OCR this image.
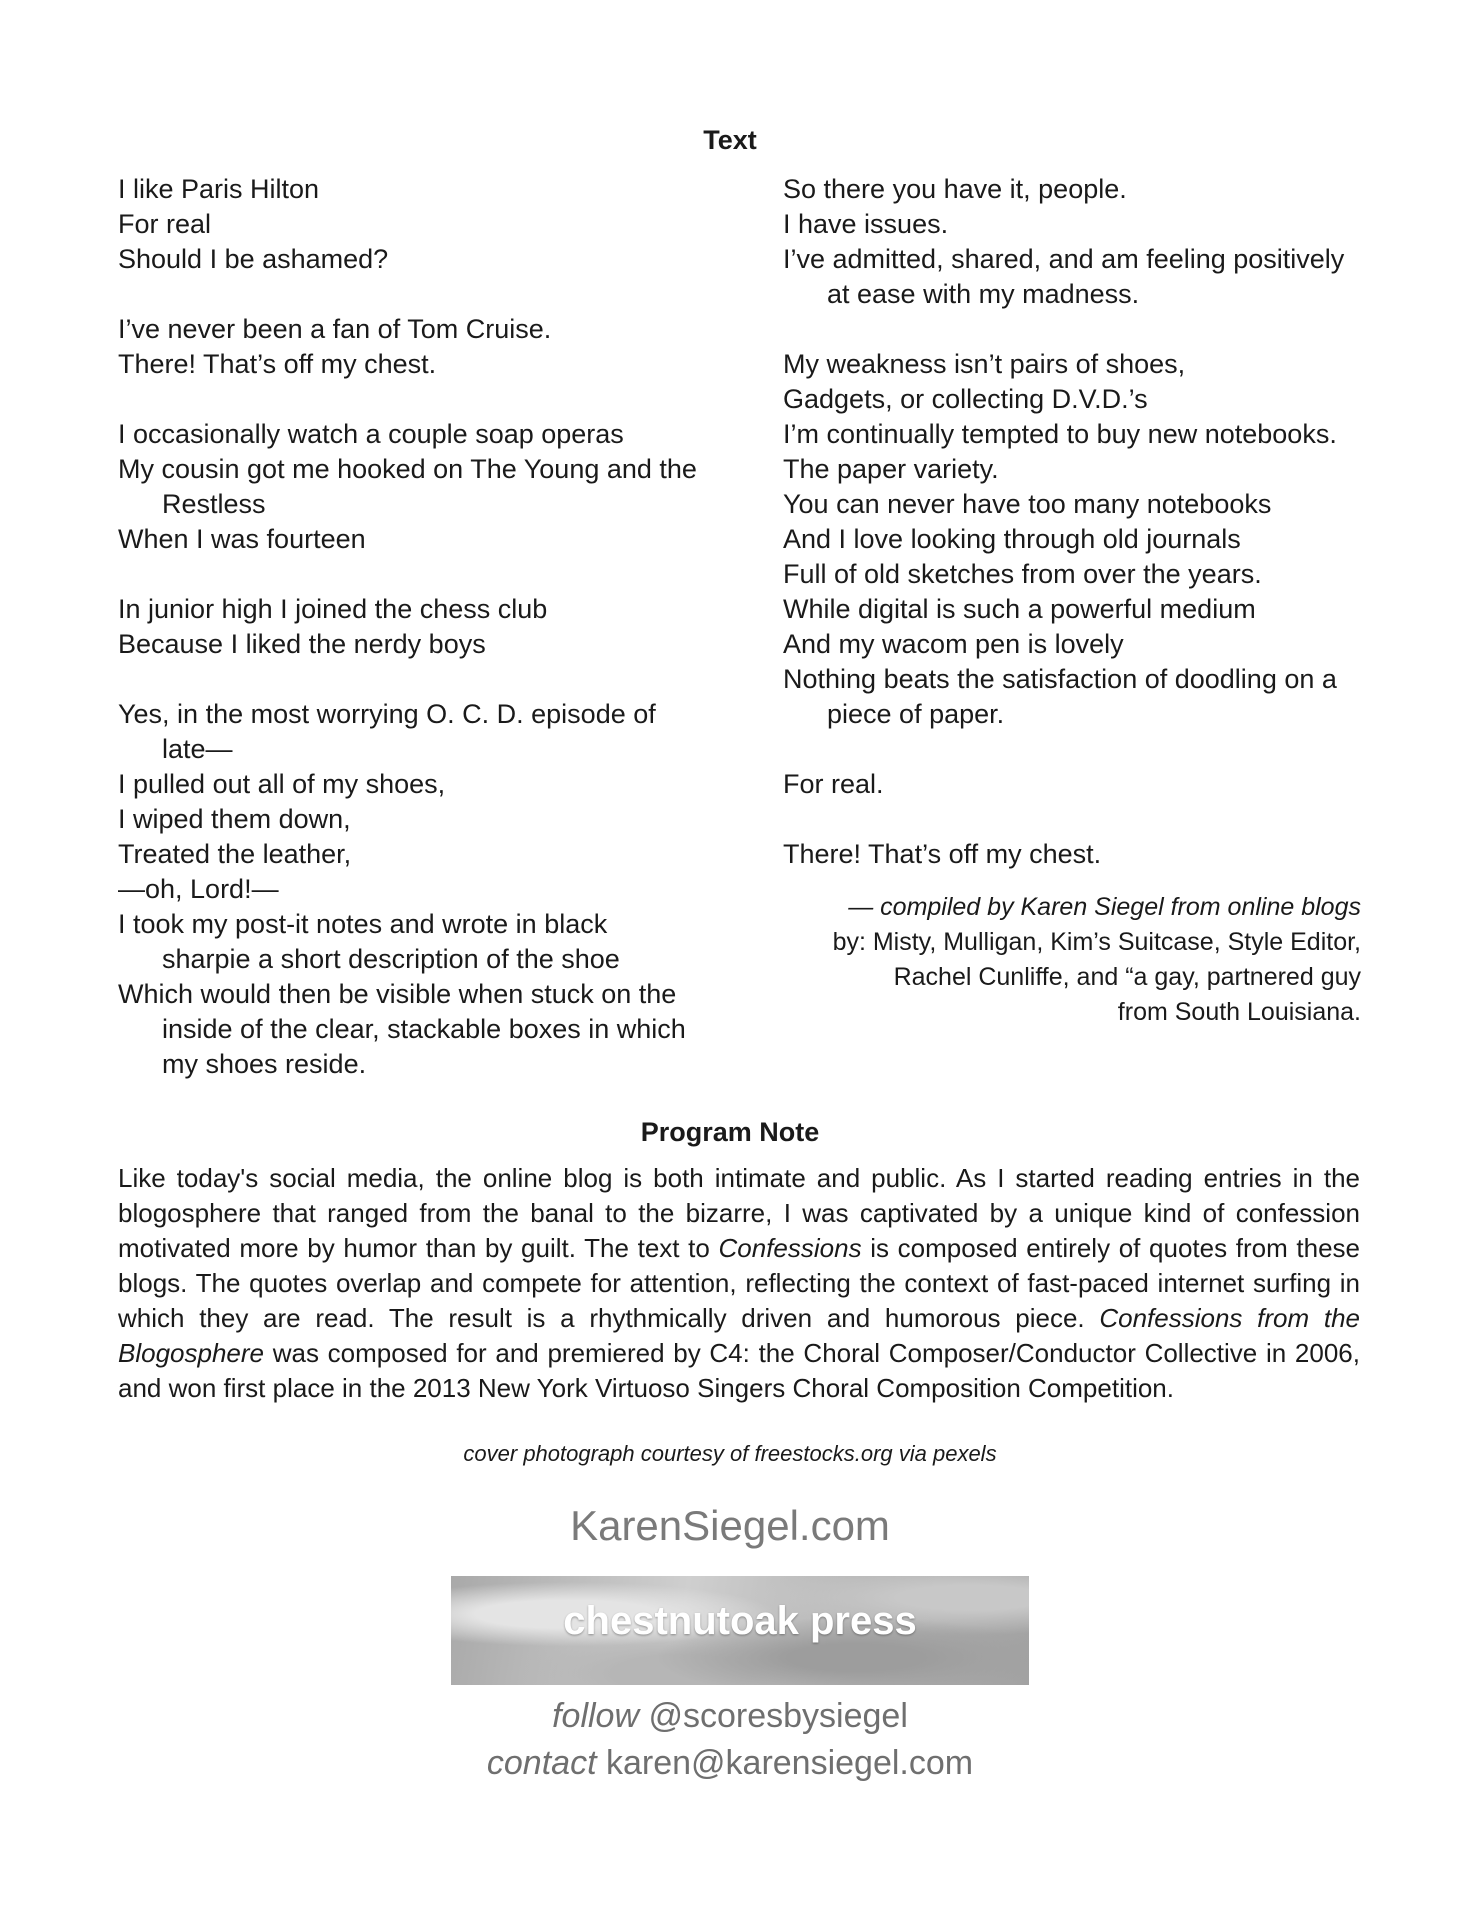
Text
I like Paris Hilton
For real
Should I be ashamed?
I’ve never been a fan of Tom Cruise.
There! That’s off my chest.
I occasionally watch a couple soap operas
My cousin got me hooked on The Young and the Restless
When I was fourteen
In junior high I joined the chess club
Because I liked the nerdy boys
Yes, in the most worrying O. C. D. episode of late—
I pulled out all of my shoes,
I wiped them down,
Treated the leather,
—oh, Lord!—
I took my post-it notes and wrote in black sharpie a short description of the shoe
Which would then be visible when stuck on the inside of the clear, stackable boxes in which my shoes reside.
So there you have it, people.
I have issues.
I’ve admitted, shared, and am feeling positively at ease with my madness.
My weakness isn’t pairs of shoes,
Gadgets, or collecting D.V.D.’s
I’m continually tempted to buy new notebooks.
The paper variety.
You can never have too many notebooks
And I love looking through old journals
Full of old sketches from over the years.
While digital is such a powerful medium
And my wacom pen is lovely
Nothing beats the satisfaction of doodling on a piece of paper.
For real.
There! That’s off my chest.
— compiled by Karen Siegel from online blogs
by: Misty, Mulligan, Kim’s Suitcase, Style Editor,
Rachel Cunliffe, and “a gay, partnered guy
from South Louisiana.
Program Note

Like today's social media, the online blog is both intimate and public. As I started reading entries in the blogosphere that ranged from the banal to the bizarre, I was captivated by a unique kind of confession motivated more by humor than by guilt. The text to Confessions is composed entirely of quotes from these blogs. The quotes overlap and compete for attention, reflecting the context of fast-paced internet surfing in which they are read. The result is a rhythmically driven and humorous piece. Confessions from the Blogosphere was composed for and premiered by C4: the Choral Composer/Conductor Collective in 2006, and won first place in the 2013 New York Virtuoso Singers Choral Composition Competition.

cover photograph courtesy of freestocks.org via pexels
KarenSiegel.com
chestnutoak press
follow @scoresbysiegel
contact karen@karensiegel.com
